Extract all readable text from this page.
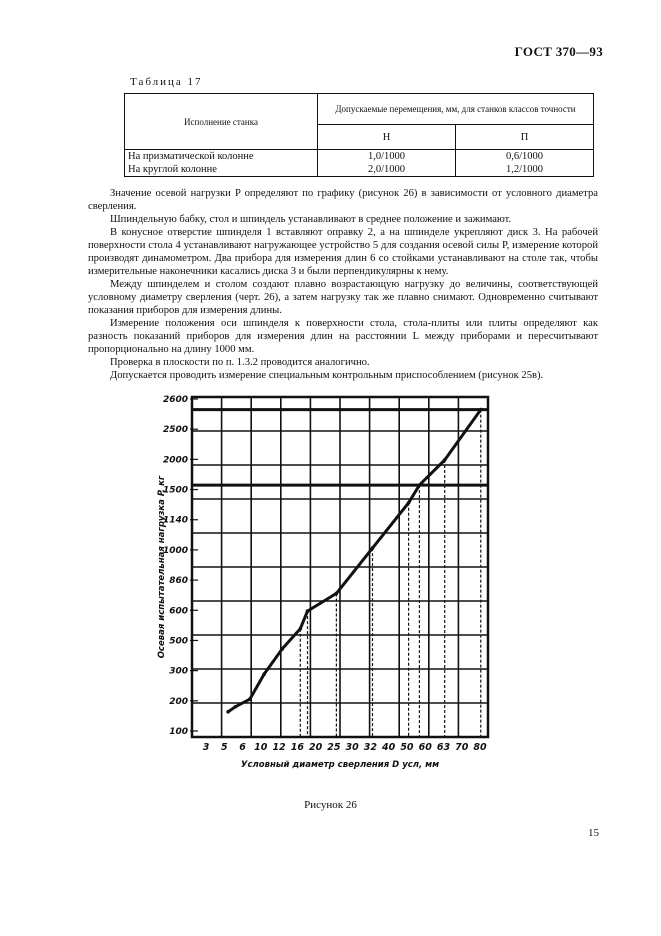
ГОСТ 370—93
Таблица 17
Исполнение станка	Допускаемые перемещения, мм, для станков классов точности	
	Н	П
На призматической колонне	1,0/1000	0,6/1000
На круглой колонне	2,0/1000	1,2/1000

Значение осевой нагрузки P определяют по графику (рисунок 26) в зависимости от условного диаметра сверления.

Шпиндельную бабку, стол и шпиндель устанавливают в среднее положение и зажимают.

В конусное отверстие шпинделя 1 вставляют оправку 2, а на шпинделе укрепляют диск 3. На рабочей поверхности стола 4 устанавливают нагружающее устройство 5 для создания осевой силы P, измерение которой производят динамометром. Два прибора для измерения длин 6 со стойками устанавливают на столе так, чтобы измерительные наконечники касались диска 3 и были перпендикулярны к нему.

Между шпинделем и столом создают плавно возрастающую нагрузку до величины, соответствующей условному диаметру сверления (черт. 26), а затем нагрузку так же плавно снимают. Одновременно считывают показания приборов для измерения длины.

Измерение положения оси шпинделя к поверхности стола, стола-плиты или плиты определяют как разность показаний приборов для измерения длин на расстоянии L между приборами и пересчитывают пропорционально на длину 1000 мм.

Проверка в плоскости по п. 1.3.2 проводится аналогично.

Допускается проводить измерение специальным контрольным приспособлением (рисунок 25в).

100
200
300
500
600
860
1000
1140
1500
2000
2500
2600
3 5 6 10 12 16 20 25 30 32 40 50 60 63 70 80
Условный диаметр сверления D усл, мм
Осевая испытательная нагрузка P, кг
Рисунок 26
15
